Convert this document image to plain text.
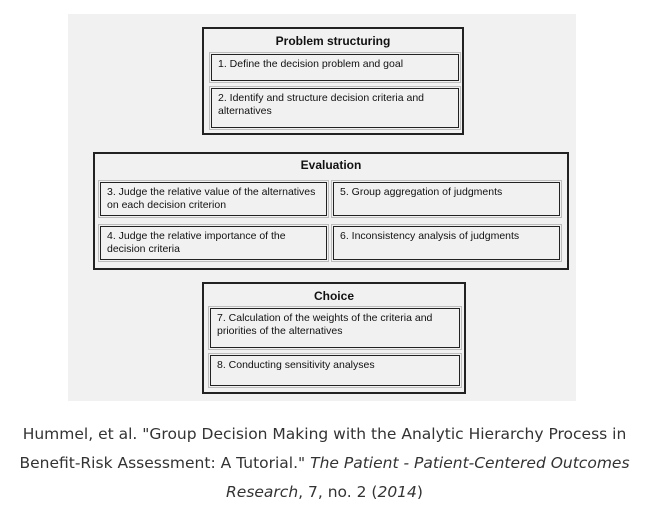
Problem structuring
1. Define the decision problem and goal
2. Identify and structure decision criteria and alternatives
Evaluation
3. Judge the relative value of the alternatives on each decision criterion
5. Group aggregation of judgments
4. Judge the relative importance of the decision criteria
6. Inconsistency analysis of judgments
Choice
7. Calculation of the weights of the criteria and priorities of the alternatives
8. Conducting sensitivity analyses
Hummel, et al. "Group Decision Making with the Analytic Hierarchy Process in Benefit-Risk Assessment: A Tutorial." The Patient - Patient-Centered Outcomes Research, 7, no. 2 (2014)
